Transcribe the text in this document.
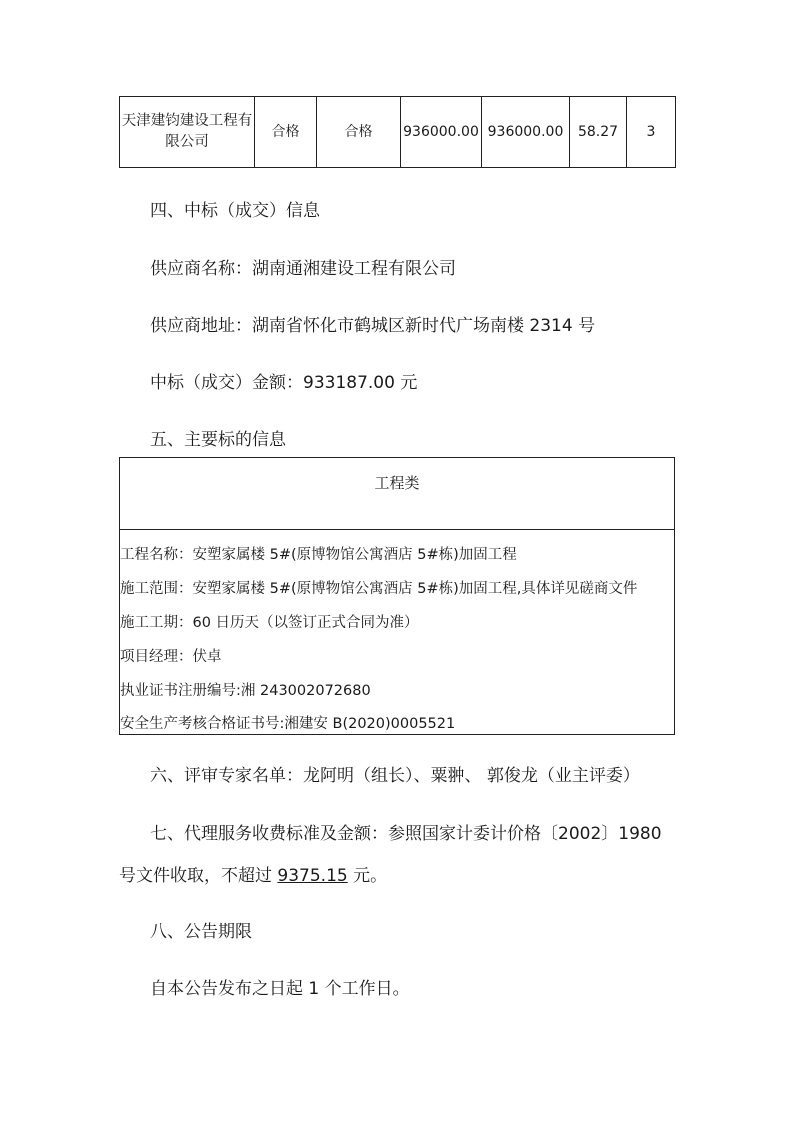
天津建钧建设工程有限公司	合格	合格	936000.00	936000.00	58.27	3
四、中标（成交）信息
供应商名称：湖南通湘建设工程有限公司
供应商地址：湖南省怀化市鹤城区新时代广场南楼 2314 号
中标（成交）金额：933187.00 元
五、主要标的信息
工程类
工程名称：安塑家属楼 5#(原博物馆公寓酒店 5#栋)加固工程
施工范围：安塑家属楼 5#(原博物馆公寓酒店 5#栋)加固工程,具体详见磋商文件
施工工期：60 日历天（以签订正式合同为准）
项目经理：伏卓
执业证书注册编号:湘 243002072680
安全生产考核合格证书号:湘建安 B(2020)0005521
六、评审专家名单：龙阿明（组长）、粟翀、 郭俊龙（业主评委）
七、代理服务收费标准及金额：参照国家计委计价格〔2002〕1980
号文件收取，不超过 9375.15 元。
八、公告期限
自本公告发布之日起 1 个工作日。
